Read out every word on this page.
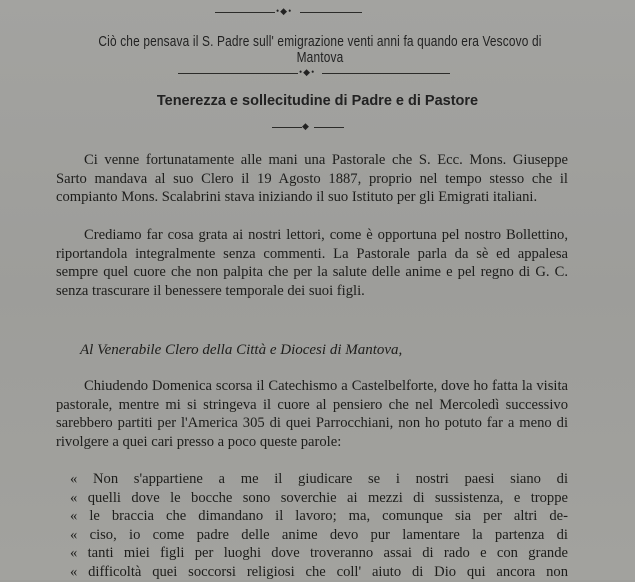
•◆•
Ciò che pensava il S. Padre sull' emigrazione venti anni fa quando era Vescovo di Mantova
•◆•
Tenerezza e sollecitudine di Padre e di Pastore
◆

Ci venne fortunatamente alle mani una Pastorale che S. Ecc. Mons. Giuseppe Sarto mandava al suo Clero il 19 Agosto 1887, proprio nel tempo stesso che il compianto Mons. Scalabrini stava iniziando il suo Istituto per gli Emigrati italiani.

Crediamo far cosa grata ai nostri lettori, come è opportuna pel nostro Bollettino, riportandola integralmente senza commenti. La Pastorale parla da sè ed appalesa sempre quel cuore che non palpita che per la salute delle anime e pel regno di G. C. senza trascurare il benessere temporale dei suoi figli.

Al Venerabile Clero della Città e Diocesi di Mantova,

Chiudendo Domenica scorsa il Catechismo a Castelbelforte, dove ho fatta la visita pastorale, mentre mi si stringeva il cuore al pensiero che nel Mercoledì successivo sarebbero partiti per l'America 305 di quei Parrocchiani, non ho potuto far a meno di rivolgere a quei cari presso a poco queste parole:

« Non s'appartiene a me il giudicare se i nostri paesi siano di
« quelli dove le bocche sono soverchie ai mezzi di sussistenza, e troppe
« le braccia che dimandano il lavoro; ma, comunque sia per altri de-
« ciso, io come padre delle anime devo pur lamentare la partenza di
« tanti miei figli per luoghi dove troveranno assai di rado e con grande
« difficoltà quei soccorsi religiosi che coll' aiuto di Dio qui ancora non
